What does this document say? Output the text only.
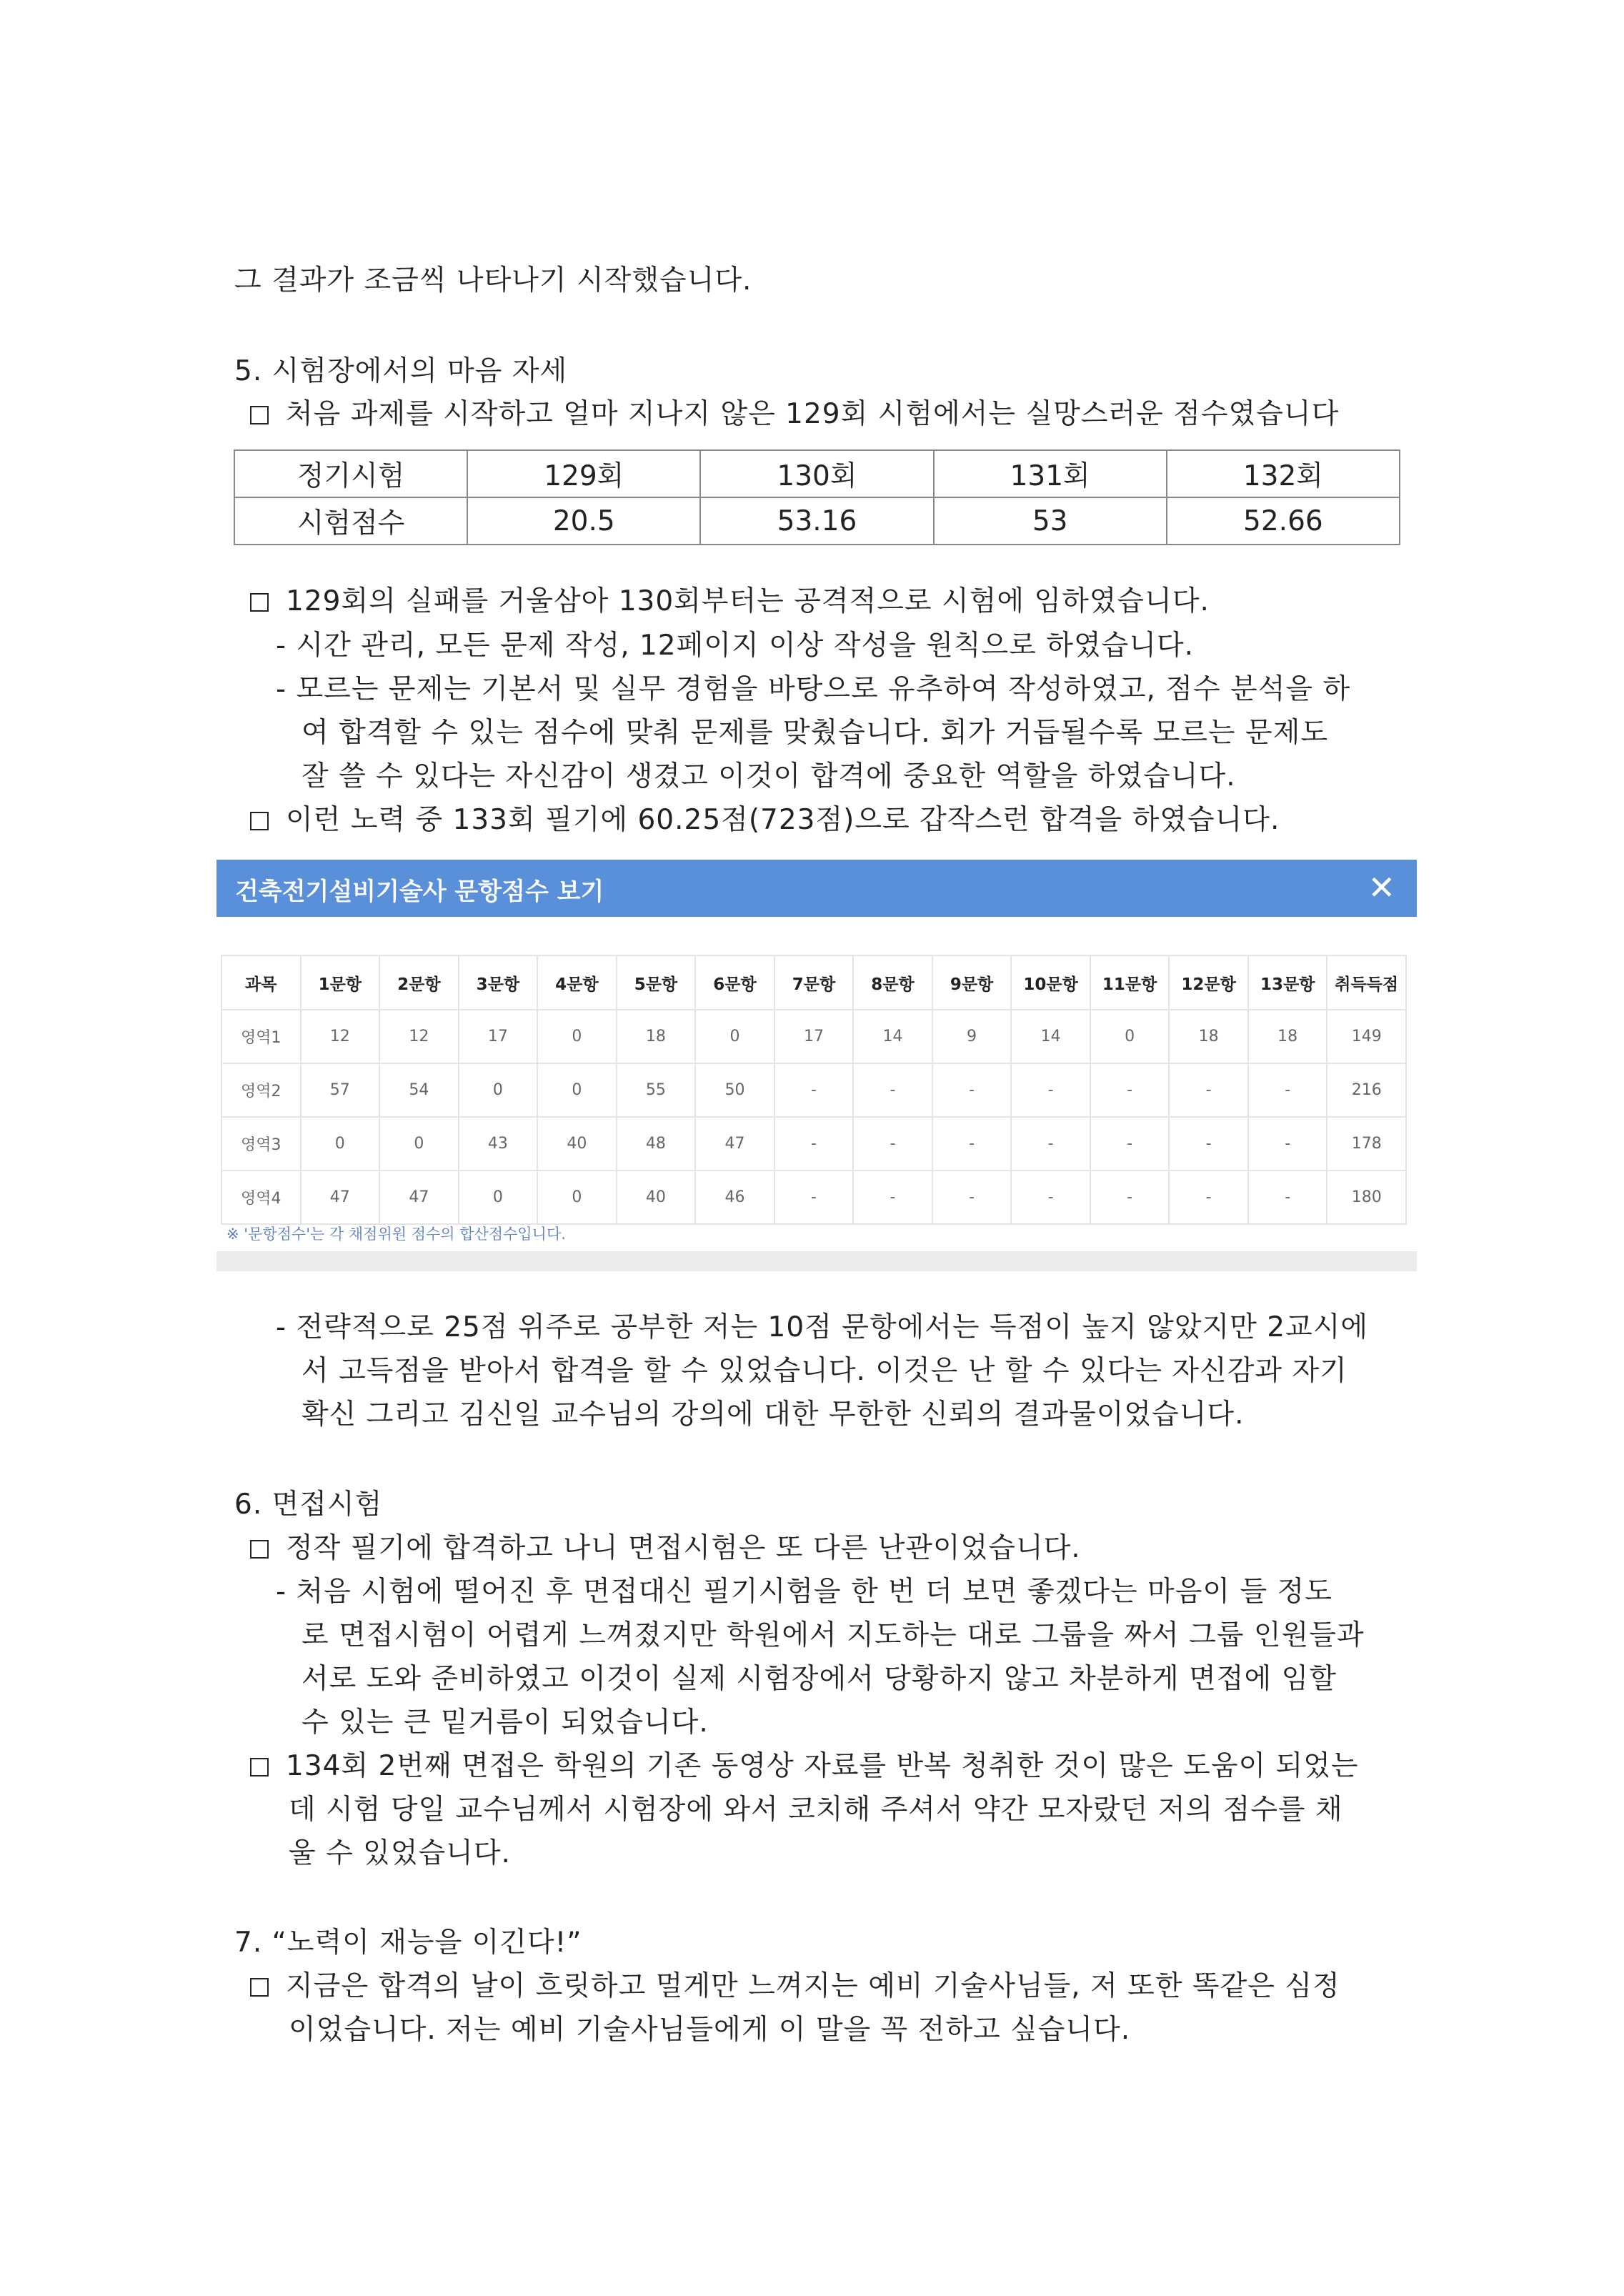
그 결과가 조금씩 나타나기 시작했습니다.
5. 시험장에서의 마음 자세
처음 과제를 시작하고 얼마 지나지 않은 129회 시험에서는 실망스러운 점수였습니다
정기시험	129회	130회	131회	132회
시험점수	20.5	53.16	53	52.66
129회의 실패를 거울삼아 130회부터는 공격적으로 시험에 임하였습니다.
- 시간 관리, 모든 문제 작성, 12페이지 이상 작성을 원칙으로 하였습니다.
- 모르는 문제는 기본서 및 실무 경험을 바탕으로 유추하여 작성하였고, 점수 분석을 하
여 합격할 수 있는 점수에 맞춰 문제를 맞췄습니다. 회가 거듭될수록 모르는 문제도
잘 쓸 수 있다는 자신감이 생겼고 이것이 합격에 중요한 역할을 하였습니다.
이런 노력 중 133회 필기에 60.25점(723점)으로 갑작스런 합격을 하였습니다.
건축전기설비기술사 문항점수 보기	✕
과목	1문항	2문항	3문항	4문항	5문항	6문항	7문항	8문항	9문항	10문항	11문항	12문항	13문항	취득득점
영역1	12	12	17	0	18	0	17	14	9	14	0	18	18	149
영역2	57	54	0	0	55	50	-	-	-	-	-	-	-	216
영역3	0	0	43	40	48	47	-	-	-	-	-	-	-	178
영역4	47	47	0	0	40	46	-	-	-	-	-	-	-	180
※ '문항점수'는 각 채점위원 점수의 합산점수입니다.
- 전략적으로 25점 위주로 공부한 저는 10점 문항에서는 득점이 높지 않았지만 2교시에
서 고득점을 받아서 합격을 할 수 있었습니다. 이것은 난 할 수 있다는 자신감과 자기
확신 그리고 김신일 교수님의 강의에 대한 무한한 신뢰의 결과물이었습니다.
6. 면접시험
정작 필기에 합격하고 나니 면접시험은 또 다른 난관이었습니다.
- 처음 시험에 떨어진 후 면접대신 필기시험을 한 번 더 보면 좋겠다는 마음이 들 정도
로 면접시험이 어렵게 느껴졌지만 학원에서 지도하는 대로 그룹을 짜서 그룹 인원들과
서로 도와 준비하였고 이것이 실제 시험장에서 당황하지 않고 차분하게 면접에 임할
수 있는 큰 밑거름이 되었습니다.
134회 2번째 면접은 학원의 기존 동영상 자료를 반복 청취한 것이 많은 도움이 되었는
데 시험 당일 교수님께서 시험장에 와서 코치해 주셔서 약간 모자랐던 저의 점수를 채
울 수 있었습니다.
7. “노력이 재능을 이긴다!”
지금은 합격의 날이 흐릿하고 멀게만 느껴지는 예비 기술사님들, 저 또한 똑같은 심정
이었습니다. 저는 예비 기술사님들에게 이 말을 꼭 전하고 싶습니다.
